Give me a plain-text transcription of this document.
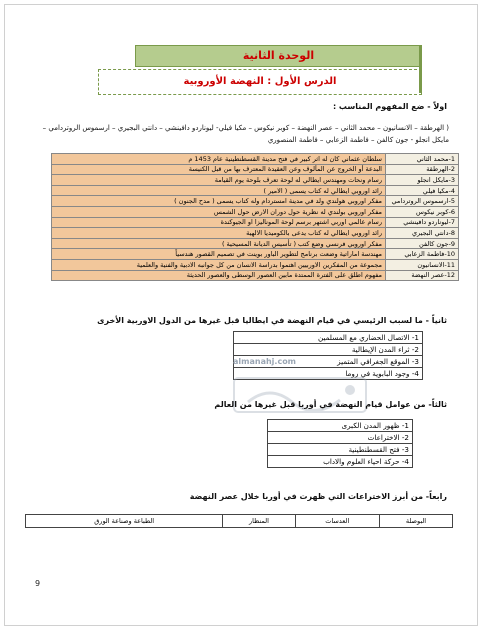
الوحدة الثانية
الدرس الأول : النهضة الأوروبية
اولاً - ضع المفهوم المناسب :
( الهرطقة – الانسانيون – محمد الثاني – عصر النهضة – كوبر نيكوس – مكيا فيلي- ليوناردو دافينشي – دانتي البجيري – ارسموس الروتردامي – مايكل انجلو - جون كالفن – فاطمة الزعابي – فاطمة المنصوري
1-محمد الثاني	سلطان عثماني كان له اثر كبير في فتح مدينة القسطنطينية عام 1453 م
2-الهرطقة	البدعة أو الخروج عن المألوف وعن العقيدة المعترف بها من قبل الكنيسة
3-مايكل انجلو	رسام ونحات ومهندس ايطالي له لوحة تعرف بلوحة يوم القيامة
4-مكيا فيلي	رائد اوروبي ايطالي له كتاب يسمى ( الامير )
5-ارسموس الروتردامي	مفكر اوروبي هولندي ولد في مدينة امستردام وله كتاب يسمى ( مدح الجنون )
6-كوبر نيكوس	مفكر اوروبي بولندي له نظرية حول دوران الارض حول الشمس
7-ليوناردو دافينشي	رسام عالمي اوربي اشتهر برسم لوحة الموناليزا او الجيوكندة
8-دانتي البجيري	رائد اوروبي ايطالي له كتاب يدعى بالكوميديا الالهية
9-جون كالفن	مفكر اوروبي فرنسي وضع كتب ( تأسيس الديانة المسيحية )
10-فاطمة الزعابي	مهندسة اماراتية وضعت برنامج لتطوير الباور بوينت في تصميم القصور هندسياً
11-الانسانيون	مجموعة من المفكرين الاوربيين اهتموا بدراسة الانسان من كل جوانبه الادبية والفنية والعلمية
12-عصر النهضة	مفهوم اطلق على الفترة الممتدة مابين العصور الوسطى والعصور الحديثة
ثانياً - ما لسبب الرئيسي في قيام النهضة في ايطاليا قبل غيرها من الدول الاوربية الأخرى
1- الاتصال الحضاري مع المسلمين
2- ثراء المدن الإيطالية
3- الموقع الجغرافي المتميز
4- وجود البابوية في روما
almanahj.com
ثالثاً- من عوامل قيام النهضة في أوربا قبل غيرها من العالم
1- ظهور المدن الكبرى
2- الاختراعات
3- فتح القسطنطينية
4- حركة احياء العلوم والاداب
رابعاً- من أبرز الاختراعات التي ظهرت في أوربا خلال عصر النهضة
البوصلة	العدسات	المنظار	الطباعة وصناعة الورق
9
